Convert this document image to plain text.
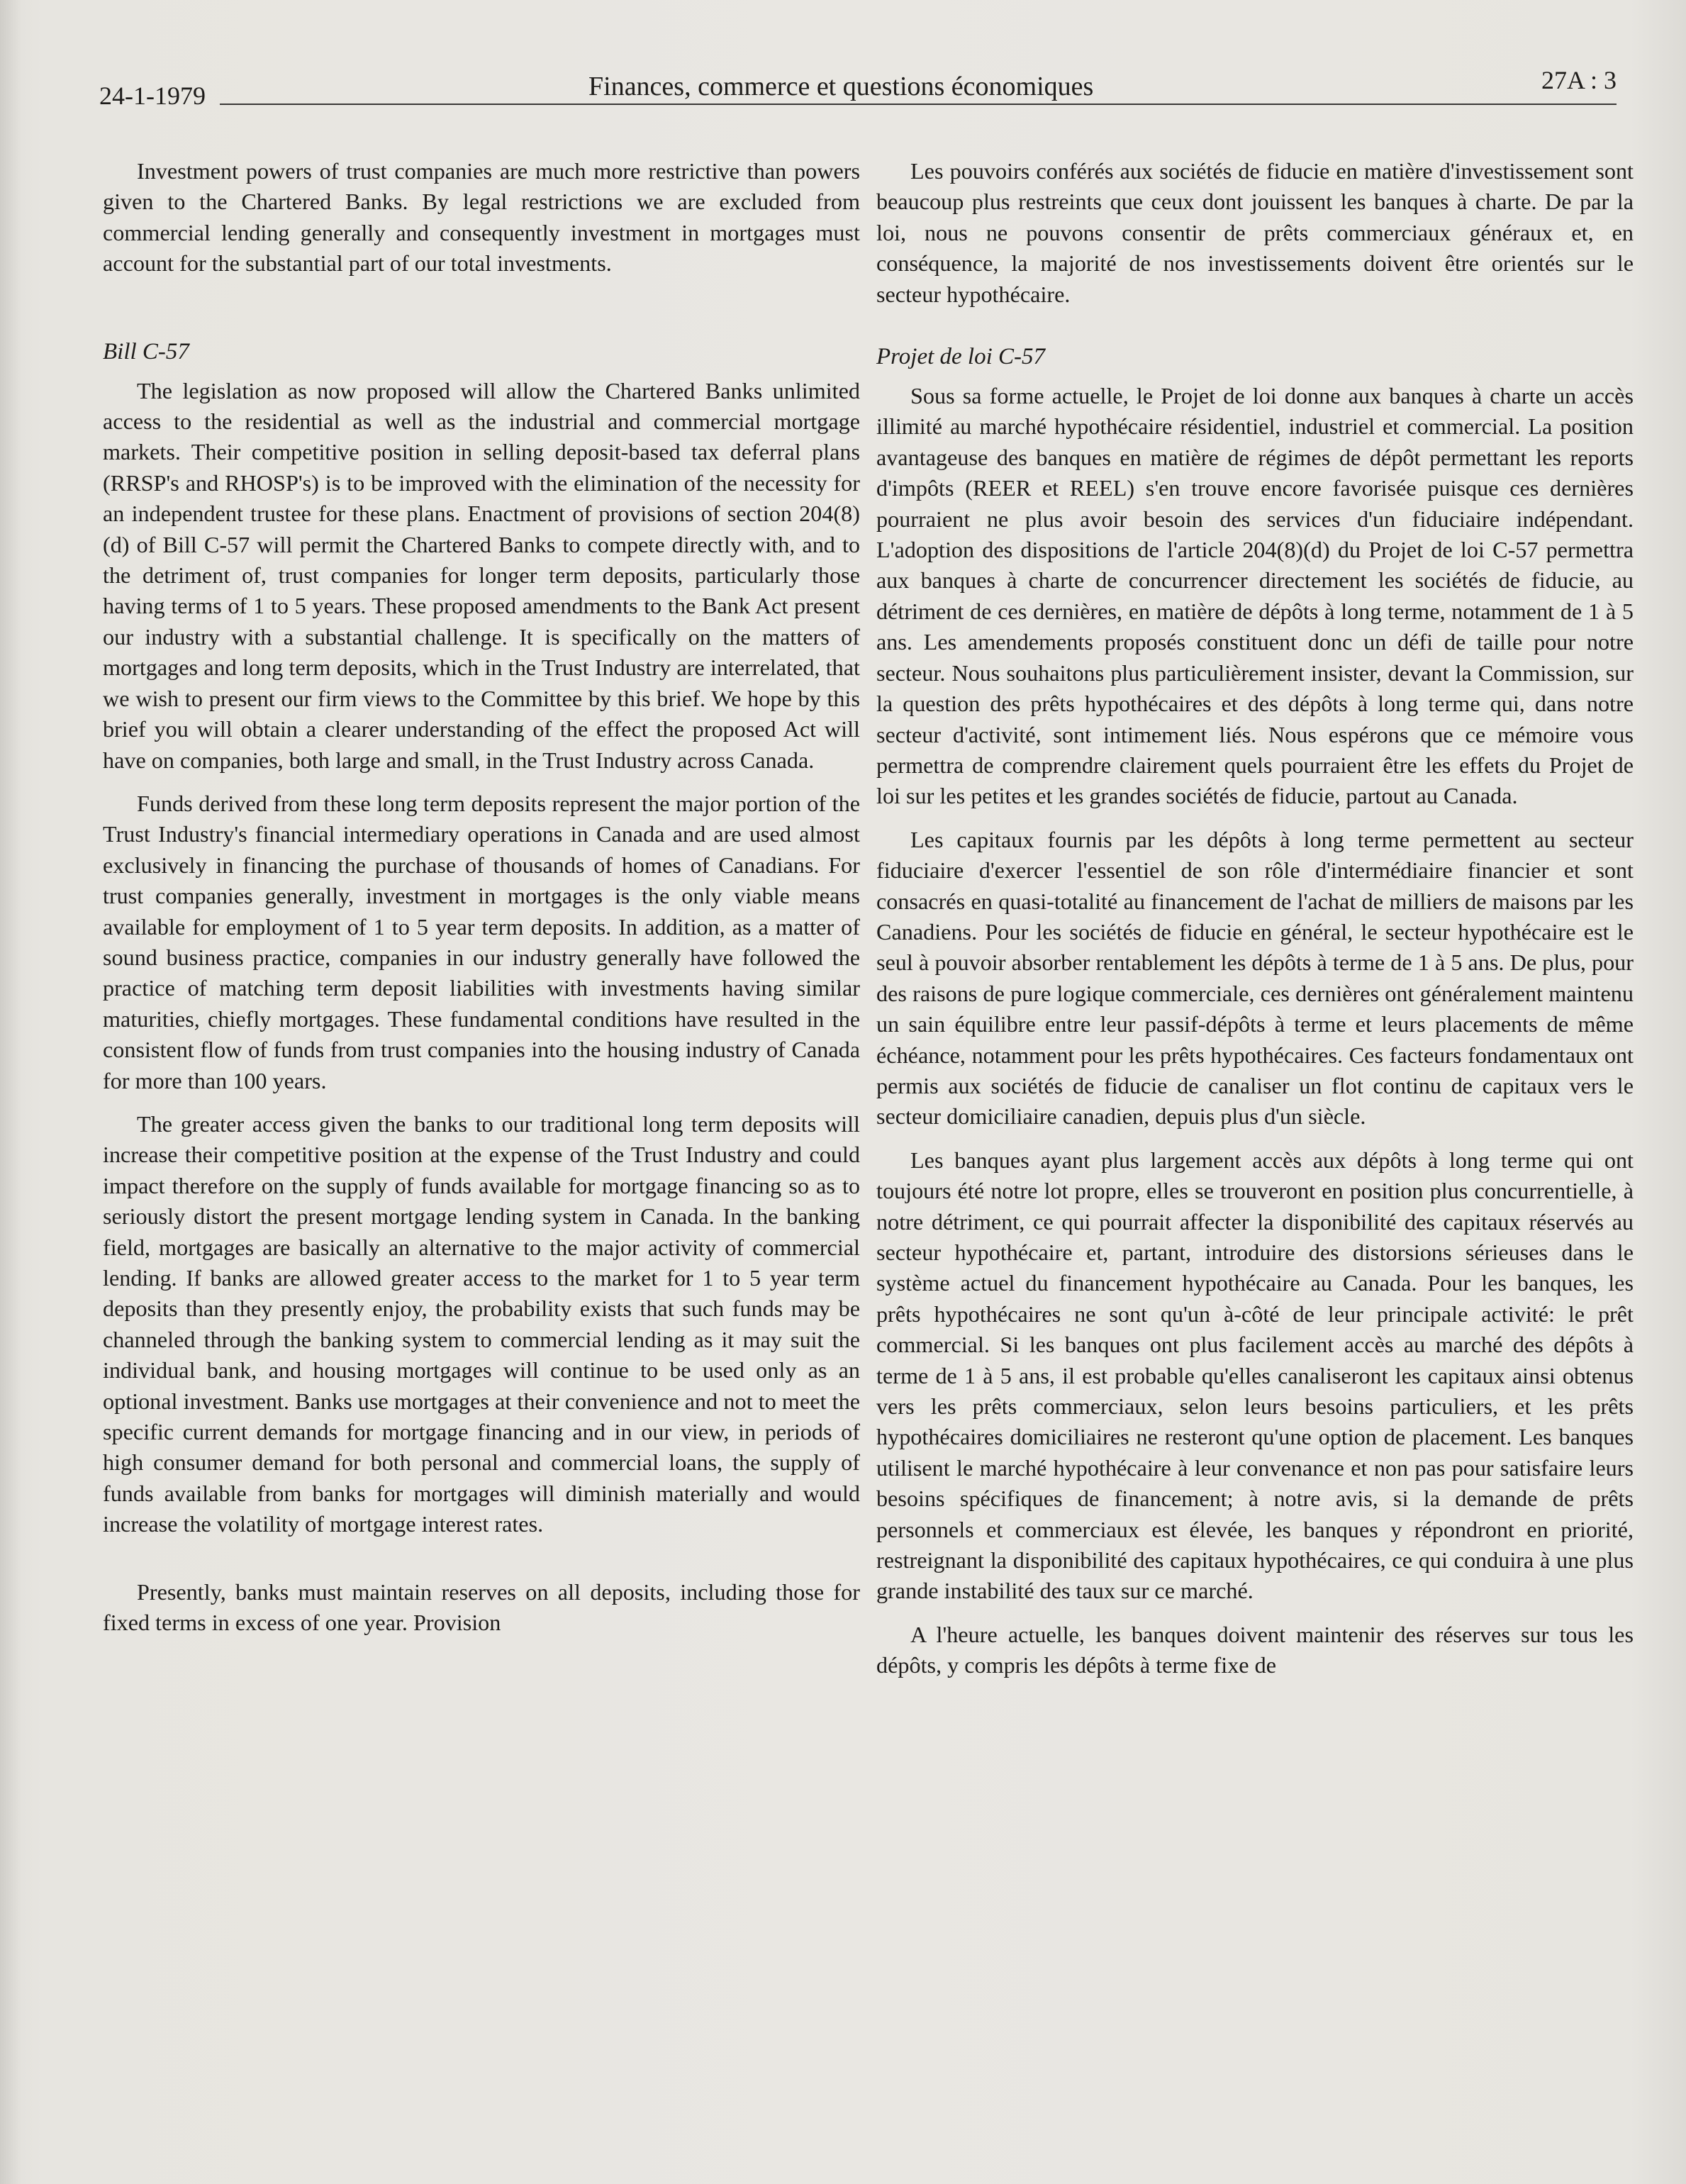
24-1-1979	Finances, commerce et questions économiques	27A : 3

Investment powers of trust companies are much more restrictive than powers given to the Chartered Banks. By legal restrictions we are excluded from commercial lending generally and consequently investment in mortgages must account for the substantial part of our total investments.

Bill C-57

The legislation as now proposed will allow the Chartered Banks unlimited access to the residential as well as the industrial and commercial mortgage markets. Their competitive position in selling deposit-based tax deferral plans (RRSP's and RHOSP's) is to be improved with the elimination of the necessity for an independent trustee for these plans. Enactment of provisions of section 204(8)(d) of Bill C-57 will permit the Chartered Banks to compete directly with, and to the detriment of, trust companies for longer term deposits, particularly those having terms of 1 to 5 years. These proposed amendments to the Bank Act present our industry with a substantial challenge. It is specifically on the matters of mortgages and long term deposits, which in the Trust Industry are interrelated, that we wish to present our firm views to the Committee by this brief. We hope by this brief you will obtain a clearer understanding of the effect the proposed Act will have on companies, both large and small, in the Trust Industry across Canada.

Funds derived from these long term deposits represent the major portion of the Trust Industry's financial intermediary operations in Canada and are used almost exclusively in financing the purchase of thousands of homes of Canadians. For trust companies generally, investment in mortgages is the only viable means available for employment of 1 to 5 year term deposits. In addition, as a matter of sound business practice, companies in our industry generally have followed the practice of matching term deposit liabilities with investments having similar maturities, chiefly mortgages. These fundamental conditions have resulted in the consistent flow of funds from trust companies into the housing industry of Canada for more than 100 years.

The greater access given the banks to our traditional long term deposits will increase their competitive position at the expense of the Trust Industry and could impact therefore on the supply of funds available for mortgage financing so as to seriously distort the present mortgage lending system in Canada. In the banking field, mortgages are basically an alternative to the major activity of commercial lending. If banks are allowed greater access to the market for 1 to 5 year term deposits than they presently enjoy, the probability exists that such funds may be channeled through the banking system to commercial lending as it may suit the individual bank, and housing mortgages will continue to be used only as an optional investment. Banks use mortgages at their convenience and not to meet the specific current demands for mortgage financing and in our view, in periods of high consumer demand for both personal and commercial loans, the supply of funds available from banks for mortgages will diminish materially and would increase the volatility of mortgage interest rates.

Presently, banks must maintain reserves on all deposits, including those for fixed terms in excess of one year. Provision

Les pouvoirs conférés aux sociétés de fiducie en matière d'investissement sont beaucoup plus restreints que ceux dont jouissent les banques à charte. De par la loi, nous ne pouvons consentir de prêts commerciaux généraux et, en conséquence, la majorité de nos investissements doivent être orientés sur le secteur hypothécaire.

Projet de loi C-57

Sous sa forme actuelle, le Projet de loi donne aux banques à charte un accès illimité au marché hypothécaire résidentiel, industriel et commercial. La position avantageuse des banques en matière de régimes de dépôt permettant les reports d'impôts (REER et REEL) s'en trouve encore favorisée puisque ces dernières pourraient ne plus avoir besoin des services d'un fiduciaire indépendant. L'adoption des dispositions de l'article 204(8)(d) du Projet de loi C-57 permettra aux banques à charte de concurrencer directement les sociétés de fiducie, au détriment de ces dernières, en matière de dépôts à long terme, notamment de 1 à 5 ans. Les amendements proposés constituent donc un défi de taille pour notre secteur. Nous souhaitons plus particulièrement insister, devant la Commission, sur la question des prêts hypothécaires et des dépôts à long terme qui, dans notre secteur d'activité, sont intimement liés. Nous espérons que ce mémoire vous permettra de comprendre clairement quels pourraient être les effets du Projet de loi sur les petites et les grandes sociétés de fiducie, partout au Canada.

Les capitaux fournis par les dépôts à long terme permettent au secteur fiduciaire d'exercer l'essentiel de son rôle d'intermédiaire financier et sont consacrés en quasi-totalité au financement de l'achat de milliers de maisons par les Canadiens. Pour les sociétés de fiducie en général, le secteur hypothécaire est le seul à pouvoir absorber rentablement les dépôts à terme de 1 à 5 ans. De plus, pour des raisons de pure logique commerciale, ces dernières ont généralement maintenu un sain équilibre entre leur passif-dépôts à terme et leurs placements de même échéance, notamment pour les prêts hypothécaires. Ces facteurs fondamentaux ont permis aux sociétés de fiducie de canaliser un flot continu de capitaux vers le secteur domiciliaire canadien, depuis plus d'un siècle.

Les banques ayant plus largement accès aux dépôts à long terme qui ont toujours été notre lot propre, elles se trouveront en position plus concurrentielle, à notre détriment, ce qui pourrait affecter la disponibilité des capitaux réservés au secteur hypothécaire et, partant, introduire des distorsions sérieuses dans le système actuel du financement hypothécaire au Canada. Pour les banques, les prêts hypothécaires ne sont qu'un à-côté de leur principale activité: le prêt commercial. Si les banques ont plus facilement accès au marché des dépôts à terme de 1 à 5 ans, il est probable qu'elles canaliseront les capitaux ainsi obtenus vers les prêts commerciaux, selon leurs besoins particuliers, et les prêts hypothécaires domiciliaires ne resteront qu'une option de placement. Les banques utilisent le marché hypothécaire à leur convenance et non pas pour satisfaire leurs besoins spécifiques de financement; à notre avis, si la demande de prêts personnels et commerciaux est élevée, les banques y répondront en priorité, restreignant la disponibilité des capitaux hypothécaires, ce qui conduira à une plus grande instabilité des taux sur ce marché.

A l'heure actuelle, les banques doivent maintenir des réserves sur tous les dépôts, y compris les dépôts à terme fixe de
